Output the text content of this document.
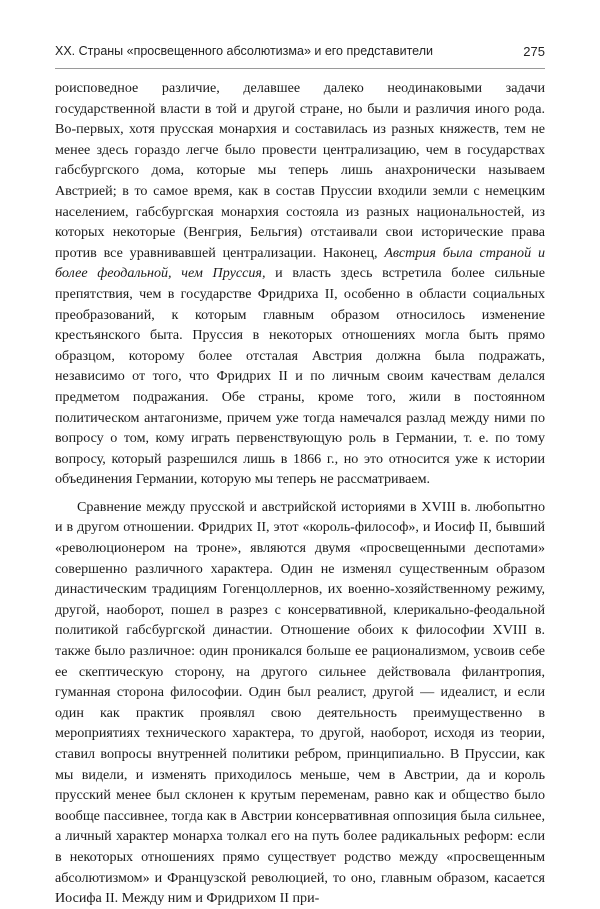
XX. Страны «просвещенного абсолютизма» и его представители	275

роисповедное различие, делавшее далеко неодинаковыми задачи государственной власти в той и другой стране, но были и различия иного рода. Во-первых, хотя прусская монархия и составилась из разных княжеств, тем не менее здесь гораздо легче было провести централизацию, чем в государствах габсбургского дома, которые мы теперь лишь анахронически называем Австрией; в то самое время, как в состав Пруссии входили земли с немецким населением, габсбургская монархия состояла из разных национальностей, из которых некоторые (Венгрия, Бельгия) отстаивали свои исторические права против все уравнивавшей централизации. Наконец, Австрия была страной и более феодальной, чем Пруссия, и власть здесь встретила более сильные препятствия, чем в государстве Фридриха II, особенно в области социальных преобразований, к которым главным образом относилось изменение крестьянского быта. Пруссия в некоторых отношениях могла быть прямо образцом, которому более отсталая Австрия должна была подражать, независимо от того, что Фридрих II и по личным своим качествам делался предметом подражания. Обе страны, кроме того, жили в постоянном политическом антагонизме, причем уже тогда намечался разлад между ними по вопросу о том, кому играть первенствующую роль в Германии, т. е. по тому вопросу, который разрешился лишь в 1866 г., но это относится уже к истории объединения Германии, которую мы теперь не рассматриваем.

Сравнение между прусской и австрийской историями в XVIII в. любопытно и в другом отношении. Фридрих II, этот «король-философ», и Иосиф II, бывший «революционером на троне», являются двумя «просвещенными деспотами» совершенно различного характера. Один не изменял существенным образом династическим традициям Гогенцоллернов, их военно-хозяйственному режиму, другой, наоборот, пошел в разрез с консервативной, клерикально-феодальной политикой габсбургской династии. Отношение обоих к философии XVIII в. также было различное: один проникался больше ее рационализмом, усвоив себе ее скептическую сторону, на другого сильнее действовала филантропия, гуманная сторона философии. Один был реалист, другой — идеалист, и если один как практик проявлял свою деятельность преимущественно в мероприятиях технического характера, то другой, наоборот, исходя из теории, ставил вопросы внутренней политики ребром, принципиально. В Пруссии, как мы видели, и изменять приходилось меньше, чем в Австрии, да и король прусский менее был склонен к крутым переменам, равно как и общество было вообще пассивнее, тогда как в Австрии консервативная оппозиция была сильнее, а личный характер монарха толкал его на путь более радикальных реформ: если в некоторых отношениях прямо существует родство между «просвещенным абсолютизмом» и Французской революцией, то оно, главным образом, касается Иосифа II. Между ним и Фридрихом II при-
